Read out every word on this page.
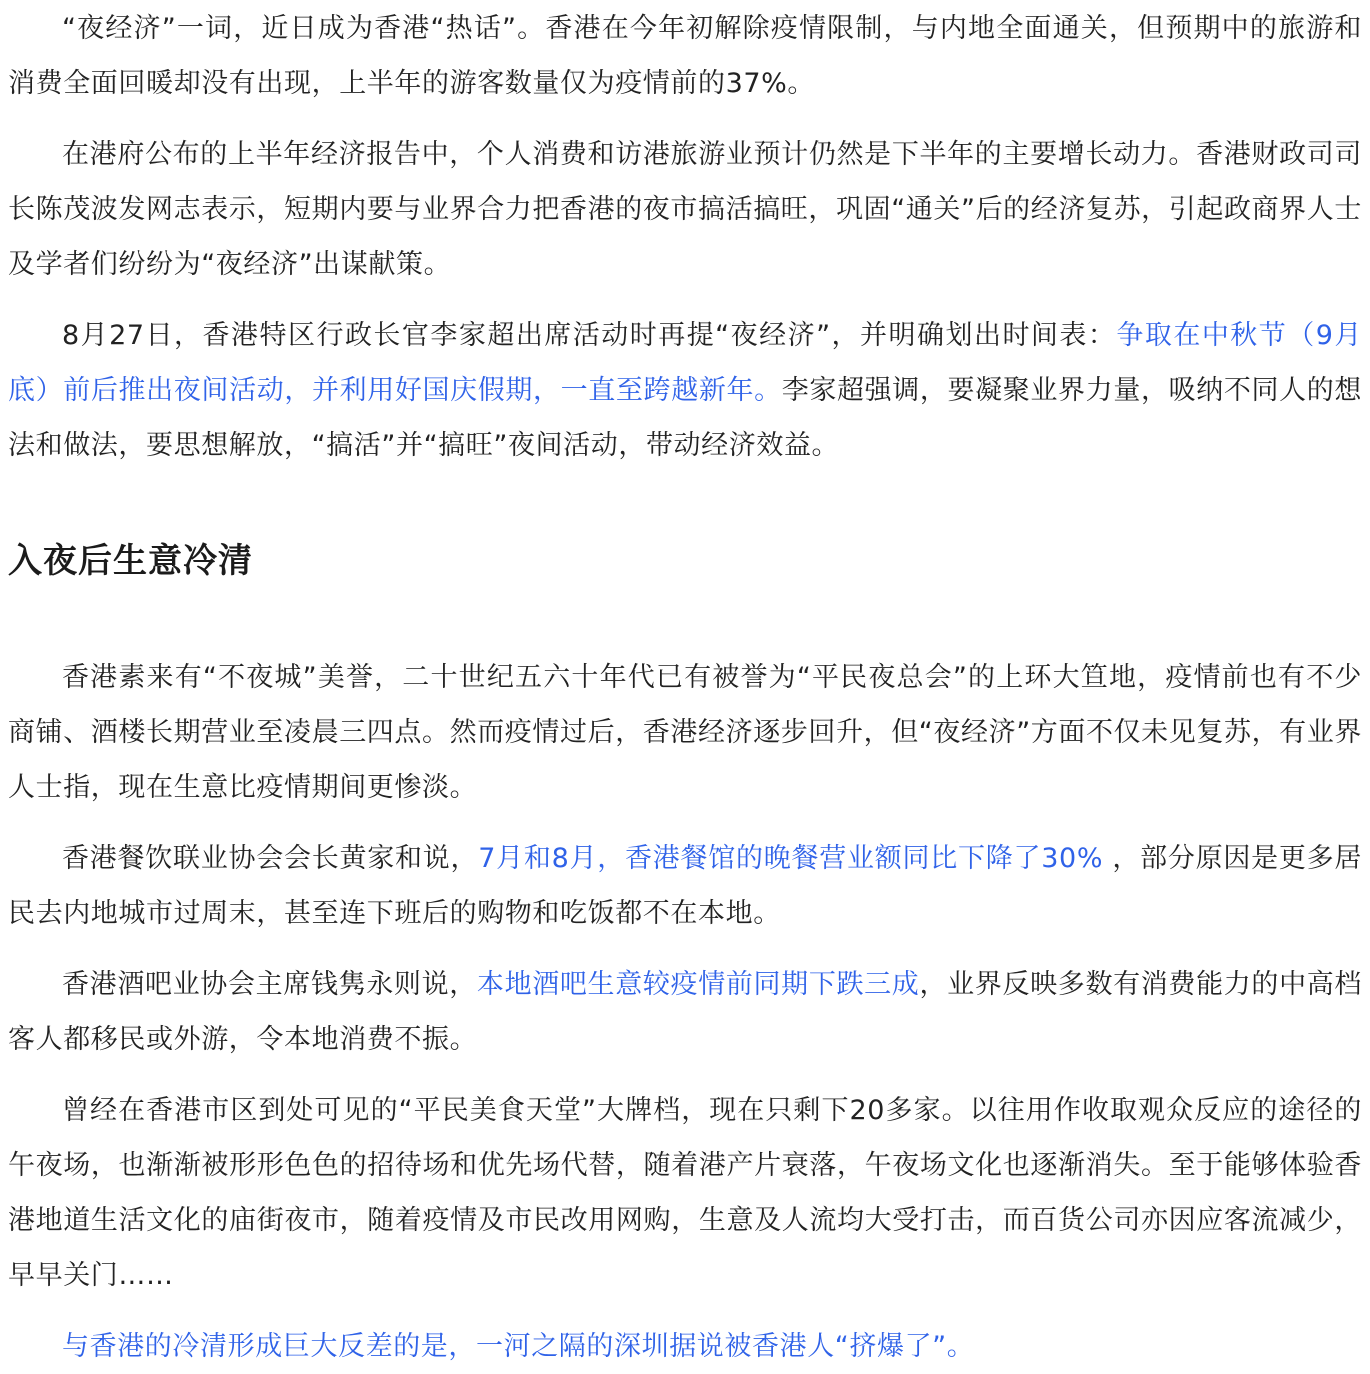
“夜经济”一词，近日成为香港“热话”。香港在今年初解除疫情限制，与内地全面通关，但预期中的旅游和消费全面回暖却没有出现，上半年的游客数量仅为疫情前的37%。

在港府公布的上半年经济报告中，个人消费和访港旅游业预计仍然是下半年的主要增长动力。香港财政司司长陈茂波发网志表示，短期内要与业界合力把香港的夜市搞活搞旺，巩固“通关”后的经济复苏，引起政商界人士及学者们纷纷为“夜经济”出谋献策。

8月27日，香港特区行政长官李家超出席活动时再提“夜经济”，并明确划出时间表：争取在中秋节（9月底）前后推出夜间活动，并利用好国庆假期，一直至跨越新年。李家超强调，要凝聚业界力量，吸纳不同人的想法和做法，要思想解放，“搞活”并“搞旺”夜间活动，带动经济效益。

入夜后生意冷清

香港素来有“不夜城”美誉，二十世纪五六十年代已有被誉为“平民夜总会”的上环大笪地，疫情前也有不少商铺、酒楼长期营业至凌晨三四点。然而疫情过后，香港经济逐步回升，但“夜经济”方面不仅未见复苏，有业界人士指，现在生意比疫情期间更惨淡。

香港餐饮联业协会会长黄家和说，7月和8月，香港餐馆的晚餐营业额同比下降了30% ，部分原因是更多居民去内地城市过周末，甚至连下班后的购物和吃饭都不在本地。

香港酒吧业协会主席钱隽永则说，本地酒吧生意较疫情前同期下跌三成，业界反映多数有消费能力的中高档客人都移民或外游，令本地消费不振。

曾经在香港市区到处可见的“平民美食天堂”大牌档，现在只剩下20多家。以往用作收取观众反应的途径的午夜场，也渐渐被形形色色的招待场和优先场代替，随着港产片衰落，午夜场文化也逐渐消失。至于能够体验香港地道生活文化的庙街夜市，随着疫情及市民改用网购，生意及人流均大受打击，而百货公司亦因应客流减少，早早关门……

与香港的冷清形成巨大反差的是，一河之隔的深圳据说被香港人“挤爆了”。
